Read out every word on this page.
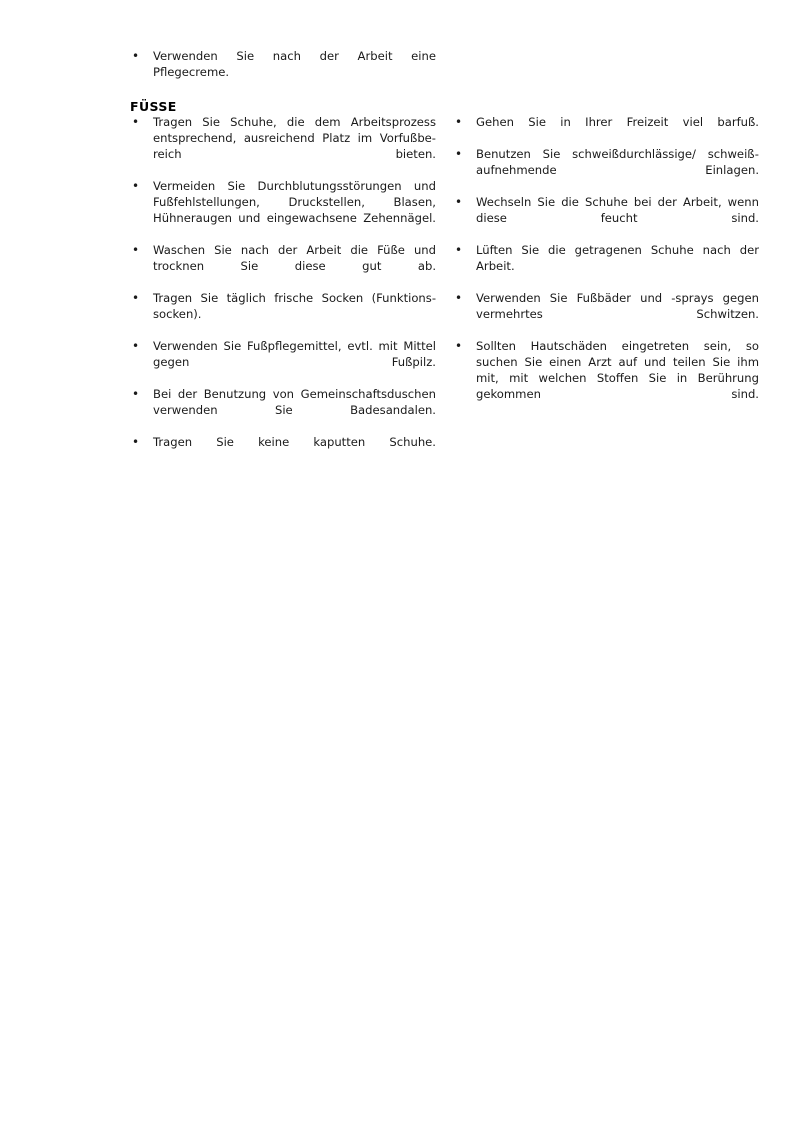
• Verwenden Sie nach der Arbeit eine Pflegecreme.
FÜSSE
• Tragen Sie Schuhe, die dem Arbeitsprozess entsprechend, ausreichend Platz im Vorfußbe-reich bieten.
• Vermeiden Sie Durchblutungsstörungen und Fußfehlstellungen, Druckstellen, Blasen, Hühneraugen und eingewachsene Zehennägel.
• Waschen Sie nach der Arbeit die Füße und trocknen Sie diese gut ab.
• Tragen Sie täglich frische Socken (Funktions-socken).
• Verwenden Sie Fußpflegemittel, evtl. mit Mittel gegen Fußpilz.
• Bei der Benutzung von Gemeinschaftsduschen verwenden Sie Badesandalen.
• Tragen Sie keine kaputten Schuhe.
• Gehen Sie in Ihrer Freizeit viel barfuß.
• Benutzen Sie schweißdurchlässige/ schweiß-aufnehmende Einlagen.
• Wechseln Sie die Schuhe bei der Arbeit, wenn diese feucht sind.
• Lüften Sie die getragenen Schuhe nach der Arbeit.
• Verwenden Sie Fußbäder und -sprays gegen vermehrtes Schwitzen.
• Sollten Hautschäden eingetreten sein, so suchen Sie einen Arzt auf und teilen Sie ihm mit, mit welchen Stoffen Sie in Berührung gekommen sind.
